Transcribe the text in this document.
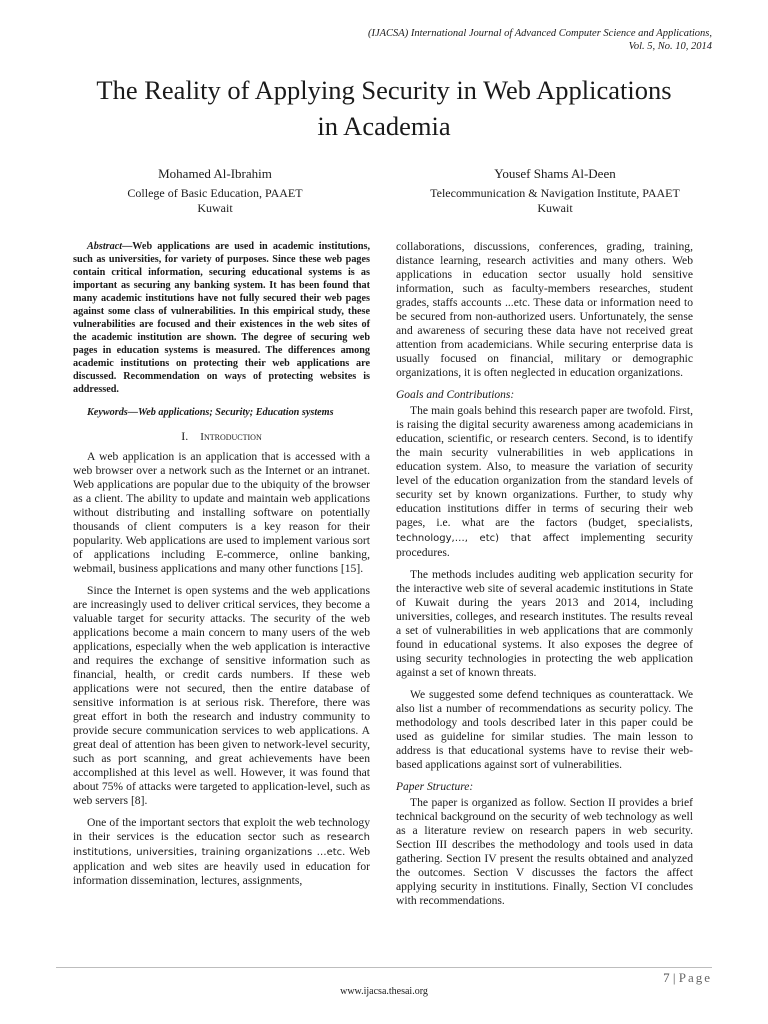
(IJACSA) International Journal of Advanced Computer Science and Applications,
Vol. 5, No. 10, 2014
The Reality of Applying Security in Web Applications
in Academia
Mohamed Al-Ibrahim
College of Basic Education, PAAET
Kuwait
Yousef Shams Al-Deen
Telecommunication & Navigation Institute, PAAET
Kuwait
Abstract—Web applications are used in academic institutions, such as universities, for variety of purposes. Since these web pages contain critical information, securing educational systems is as important as securing any banking system. It has been found that many academic institutions have not fully secured their web pages against some class of vulnerabilities. In this empirical study, these vulnerabilities are focused and their existences in the web sites of the academic institution are shown. The degree of securing web pages in education systems is measured. The differences among academic institutions on protecting their web applications are discussed. Recommendation on ways of protecting websites is addressed.
Keywords—Web applications; Security; Education systems
I. Introduction

A web application is an application that is accessed with a web browser over a network such as the Internet or an intranet. Web applications are popular due to the ubiquity of the browser as a client. The ability to update and maintain web applications without distributing and installing software on potentially thousands of client computers is a key reason for their popularity. Web applications are used to implement various sort of applications including E-commerce, online banking, webmail, business applications and many other functions [15].

Since the Internet is open systems and the web applications are increasingly used to deliver critical services, they become a valuable target for security attacks. The security of the web applications become a main concern to many users of the web applications, especially when the web application is interactive and requires the exchange of sensitive information such as financial, health, or credit cards numbers. If these web applications were not secured, then the entire database of sensitive information is at serious risk. Therefore, there was great effort in both the research and industry community to provide secure communication services to web applications. A great deal of attention has been given to network-level security, such as port scanning, and great achievements have been accomplished at this level as well. However, it was found that about 75% of attacks were targeted to application-level, such as web servers [8].

One of the important sectors that exploit the web technology in their services is the education sector such as research institutions, universities, training organizations …etc. Web application and web sites are heavily used in education for information dissemination, lectures, assignments,

collaborations, discussions, conferences, grading, training, distance learning, research activities and many others. Web applications in education sector usually hold sensitive information, such as faculty-members researches, student grades, staffs accounts ...etc. These data or information need to be secured from non-authorized users. Unfortunately, the sense and awareness of securing these data have not received great attention from academicians. While securing enterprise data is usually focused on financial, military or demographic organizations, it is often neglected in education organizations.

Goals and Contributions:

The main goals behind this research paper are twofold. First, is raising the digital security awareness among academicians in education, scientific, or research centers. Second, is to identify the main security vulnerabilities in web applications in education system. Also, to measure the variation of security level of the education organization from the standard levels of security set by known organizations. Further, to study why education institutions differ in terms of securing their web pages, i.e. what are the factors (budget, specialists, technology,…, etc) that affect implementing security procedures.

The methods includes auditing web application security for the interactive web site of several academic institutions in State of Kuwait during the years 2013 and 2014, including universities, colleges, and research institutes. The results reveal a set of vulnerabilities in web applications that are commonly found in educational systems. It also exposes the degree of using security technologies in protecting the web application against a set of known threats.

We suggested some defend techniques as counterattack. We also list a number of recommendations as security policy. The methodology and tools described later in this paper could be used as guideline for similar studies. The main lesson to address is that educational systems have to revise their web-based applications against sort of vulnerabilities.

Paper Structure:

The paper is organized as follow. Section II provides a brief technical background on the security of web technology as well as a literature review on research papers in web security. Section III describes the methodology and tools used in data gathering. Section IV present the results obtained and analyzed the outcomes. Section V discusses the factors the affect applying security in institutions. Finally, Section VI concludes with recommendations.

7 | Page
www.ijacsa.thesai.org
